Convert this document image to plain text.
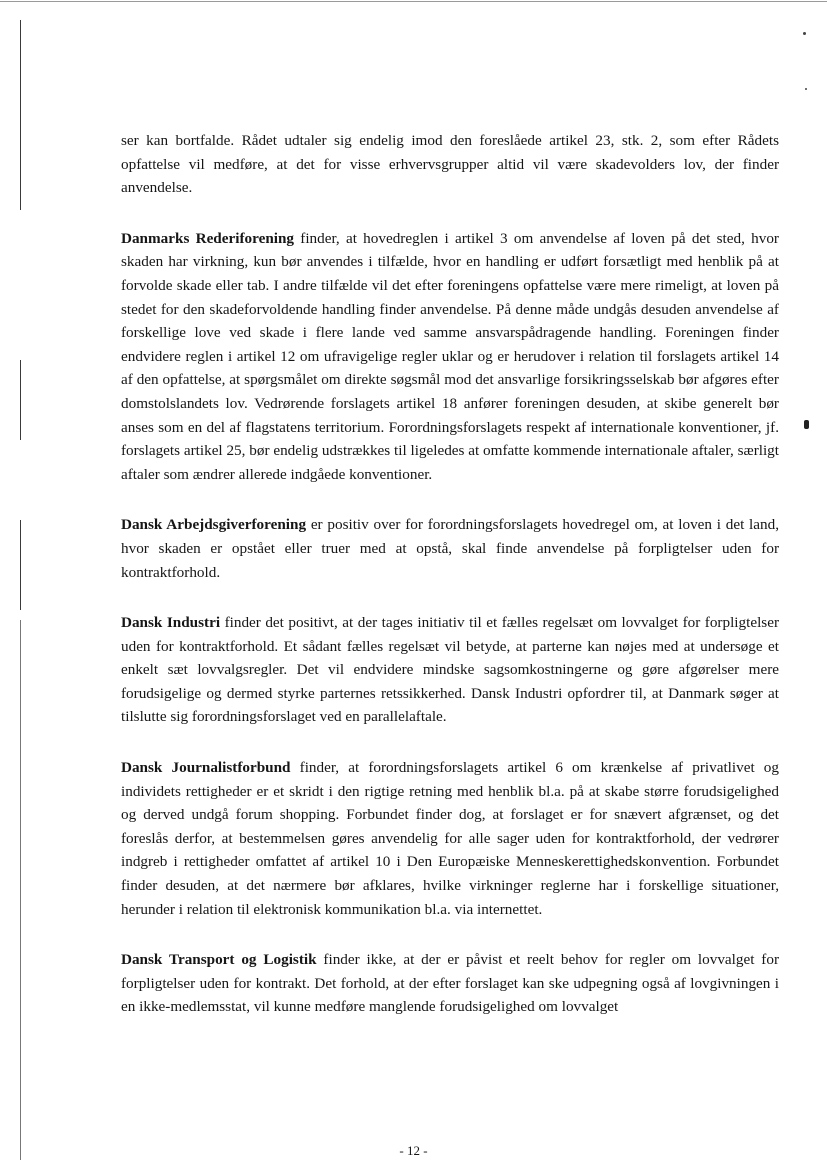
ser kan bortfalde. Rådet udtaler sig endelig imod den foreslåede artikel 23, stk. 2, som efter Rådets opfattelse vil medføre, at det for visse erhvervsgrupper altid vil være skadevolders lov, der finder anvendelse.

Danmarks Rederiforening finder, at hovedreglen i artikel 3 om anvendelse af loven på det sted, hvor skaden har virkning, kun bør anvendes i tilfælde, hvor en handling er udført forsætligt med henblik på at forvolde skade eller tab. I andre tilfælde vil det efter foreningens opfattelse være mere rimeligt, at loven på stedet for den skadeforvoldende handling finder anvendelse. På denne måde undgås desuden anvendelse af forskellige love ved skade i flere lande ved samme ansvarspådragende handling. Foreningen finder endvidere reglen i artikel 12 om ufravigelige regler uklar og er herudover i relation til forslagets artikel 14 af den opfattelse, at spørgsmålet om direkte søgsmål mod det ansvarlige forsikringsselskab bør afgøres efter domstolslandets lov. Vedrørende forslagets artikel 18 anfører foreningen desuden, at skibe generelt bør anses som en del af flagstatens territorium. Forordningsforslagets respekt af internationale konventioner, jf. forslagets artikel 25, bør endelig udstrækkes til ligeledes at omfatte kommende internationale aftaler, særligt aftaler som ændrer allerede indgåede konventioner.

Dansk Arbejdsgiverforening er positiv over for forordningsforslagets hovedregel om, at loven i det land, hvor skaden er opstået eller truer med at opstå, skal finde anvendelse på forpligtelser uden for kontraktforhold.

Dansk Industri finder det positivt, at der tages initiativ til et fælles regelsæt om lovvalget for forpligtelser uden for kontraktforhold. Et sådant fælles regelsæt vil betyde, at parterne kan nøjes med at undersøge et enkelt sæt lovvalgsregler. Det vil endvidere mindske sagsomkostningerne og gøre afgørelser mere forudsigelige og dermed styrke parternes retssikkerhed. Dansk Industri opfordrer til, at Danmark søger at tilslutte sig forordningsforslaget ved en parallelaftale.

Dansk Journalistforbund finder, at forordningsforslagets artikel 6 om krænkelse af privatlivet og individets rettigheder er et skridt i den rigtige retning med henblik bl.a. på at skabe større forudsigelighed og derved undgå forum shopping. Forbundet finder dog, at forslaget er for snævert afgrænset, og det foreslås derfor, at bestemmelsen gøres anvendelig for alle sager uden for kontraktforhold, der vedrører indgreb i rettigheder omfattet af artikel 10 i Den Europæiske Menneskerettighedskonvention. Forbundet finder desuden, at det nærmere bør afklares, hvilke virkninger reglerne har i forskellige situationer, herunder i relation til elektronisk kommunikation bl.a. via internettet.

Dansk Transport og Logistik finder ikke, at der er påvist et reelt behov for regler om lovvalget for forpligtelser uden for kontrakt. Det forhold, at der efter forslaget kan ske udpegning også af lovgivningen i en ikke-medlemsstat, vil kunne medføre manglende forudsigelighed om lovvalget

- 12 -
